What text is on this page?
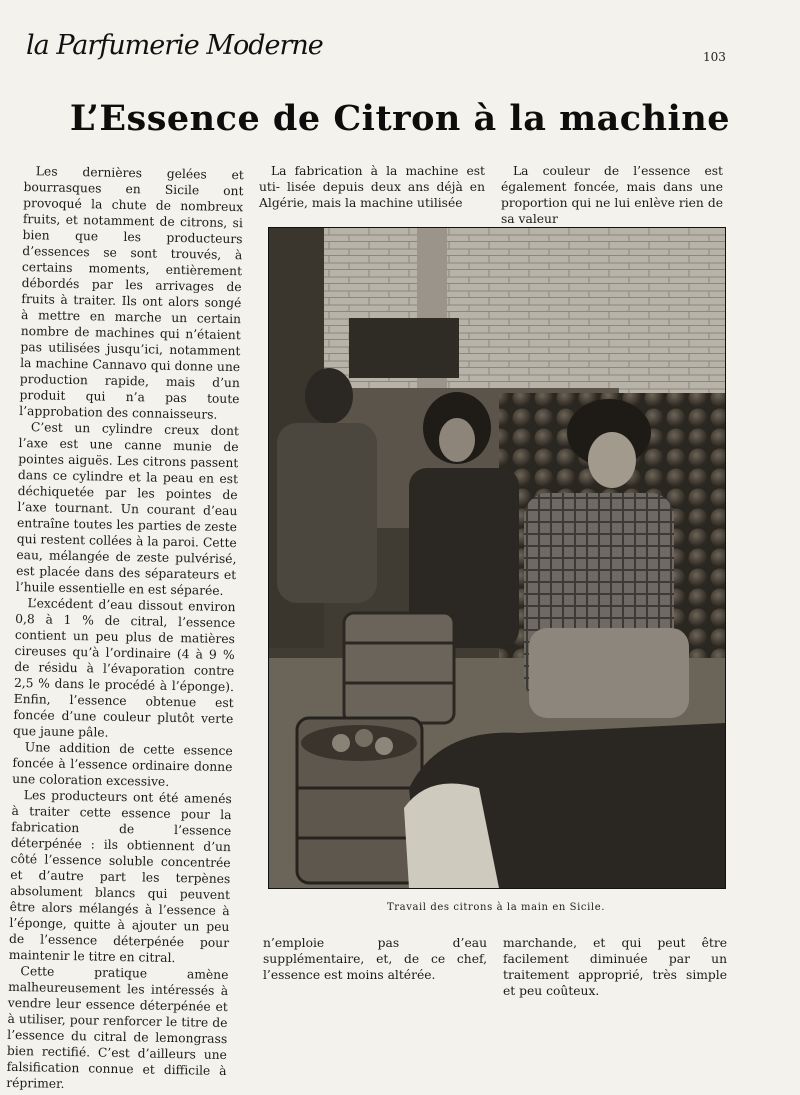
la Parfumerie Moderne	103
L’Essence de Citron à la machine

Les dernières gelées et bourrasques en Sicile ont provoqué la chute de nombreux fruits, et notamment de citrons, si bien que les producteurs d’essences se sont trouvés, à certains moments, entièrement débordés par les arrivages de fruits à traiter. Ils ont alors songé à mettre en marche un certain nombre de machines qui n’étaient pas utilisées jusqu’ici, notamment la machine Cannavo qui donne une production rapide, mais d’un produit qui n’a pas toute l’approbation des connaisseurs.

C’est un cylindre creux dont l’axe est une canne munie de pointes aiguës. Les citrons passent dans ce cylindre et la peau en est déchiquetée par les pointes de l’axe tournant. Un courant d’eau entraîne toutes les parties de zeste qui restent collées à la paroi. Cette eau, mélangée de zeste pulvérisé, est placée dans des séparateurs et l’huile essentielle en est séparée.

L’excédent d’eau dissout environ 0,8 à 1 % de citral, l’essence contient un peu plus de matières cireuses qu’à l’ordinaire (4 à 9 % de résidu à l’évaporation contre 2,5 % dans le procédé à l’éponge). Enfin, l’essence obtenue est foncée d’une couleur plutôt verte que jaune pâle.

Une addition de cette essence foncée à l’essence ordinaire donne une coloration excessive.

Les producteurs ont été amenés à traiter cette essence pour la fabrication de l’essence déterpénée : ils obtiennent d’un côté l’essence soluble concentrée et d’autre part les terpènes absolument blancs qui peuvent être alors mélangés à l’essence à l’éponge, quitte à ajouter un peu de l’essence déterpénée pour maintenir le titre en citral.

Cette pratique amène malheureusement les intéressés à vendre leur essence déterpénée et à utiliser, pour renforcer le titre de l’essence du citral de lemongrass bien rectifié. C’est d’ailleurs une falsification connue et difficile à réprimer.

La fabrication à la machine est uti- lisée depuis deux ans déjà en Algérie, mais la machine utilisée

La couleur de l’essence est également foncée, mais dans une proportion qui ne lui enlève rien de sa valeur

Travail des citrons à la main en Sicile.

n’emploie pas d’eau supplémentaire, et, de ce chef, l’essence est moins altérée.

marchande, et qui peut être facilement diminuée par un traitement approprié, très simple et peu coûteux.
